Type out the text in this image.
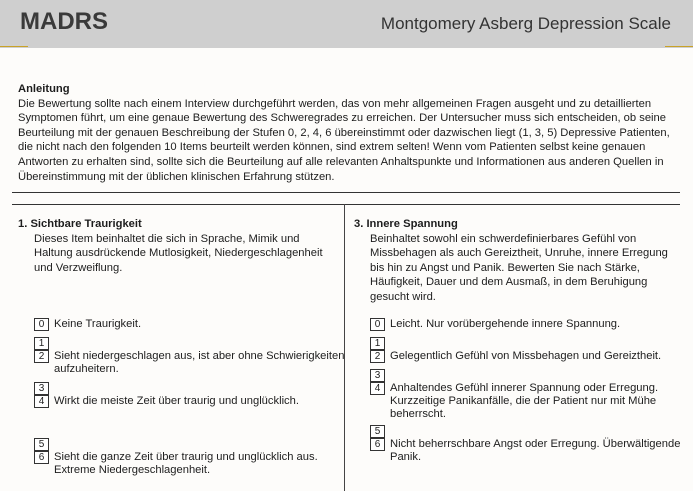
MADRS	Montgomery Asberg Depression Scale
Anleitung
Die Bewertung sollte nach einem Interview durchgeführt werden, das von mehr allgemeinen Fragen ausgeht und zu detaillierten Symptomen führt, um eine genaue Bewertung des Schweregrades zu erreichen. Der Untersucher muss sich entscheiden, ob seine Beurteilung mit der genauen Beschreibung der Stufen 0, 2, 4, 6 übereinstimmt oder dazwischen liegt (1, 3, 5) Depressive Patienten, die nicht nach den folgenden 10 Items beurteilt werden können, sind extrem selten! Wenn vom Patienten selbst keine genauen Antworten zu erhalten sind, sollte sich die Beurteilung auf alle relevanten Anhaltspunkte und Informationen aus anderen Quellen in Übereinstimmung mit der üblichen klinischen Erfahrung stützen.
1. Sichtbare Traurigkeit
Dieses Item beinhaltet die sich in Sprache, Mimik und Haltung ausdrückende Mutlosigkeit, Niedergeschlagenheit und Verzweiflung.
3. Innere Spannung
Beinhaltet sowohl ein schwerdefinierbares Gefühl von Missbehagen als auch Gereiztheit, Unruhe, innere Erregung bis hin zu Angst und Panik. Bewerten Sie nach Stärke, Häufigkeit, Dauer und dem Ausmaß, in dem Beruhigung gesucht wird.
0 Keine Traurigkeit.
1
2 Sieht niedergeschlagen aus, ist aber ohne Schwierigkeiten aufzuheitern.
3
4 Wirkt die meiste Zeit über traurig und unglücklich.
5
6 Sieht die ganze Zeit über traurig und unglücklich aus. Extreme Niedergeschlagenheit.
0 Leicht. Nur vorübergehende innere Spannung.
1
2 Gelegentlich Gefühl von Missbehagen und Gereiztheit.
3
4 Anhaltendes Gefühl innerer Spannung oder Erregung. Kurzzeitige Panikanfälle, die der Patient nur mit Mühe beherrscht.
5
6 Nicht beherrschbare Angst oder Erregung. Überwältigende Panik.
